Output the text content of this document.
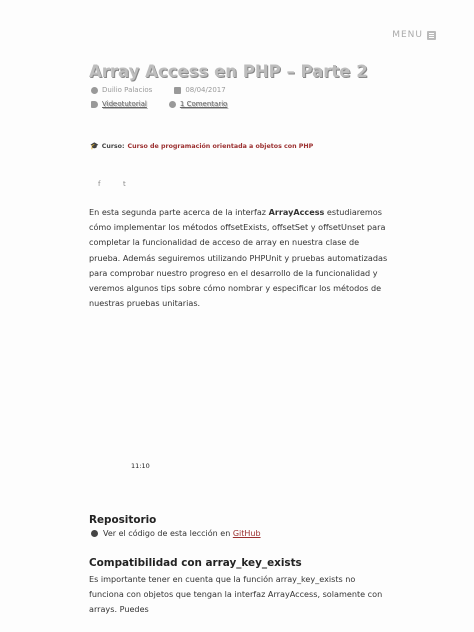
MENU
Array Access en PHP – Parte 2
Duilio Palacios	08/04/2017
Videotutorial	1 Comentario
🎓 Curso: Curso de programación orientada a objetos con PHP
f	t

En esta segunda parte acerca de la interfaz ArrayAccess estudiaremos cómo implementar los métodos offsetExists, offsetSet y offsetUnset para completar la funcionalidad de acceso de array en nuestra clase de prueba. Además seguiremos utilizando PHPUnit y pruebas automatizadas para comprobar nuestro progreso en el desarrollo de la funcionalidad y veremos algunos tips sobre cómo nombrar y especificar los métodos de nuestras pruebas unitarias.

11:10
Repositorio
Ver el código de esta lección en GitHub
Compatibilidad con array_key_exists

Es importante tener en cuenta que la función array_key_exists no funciona con objetos que tengan la interfaz ArrayAccess, solamente con arrays. Puedes
